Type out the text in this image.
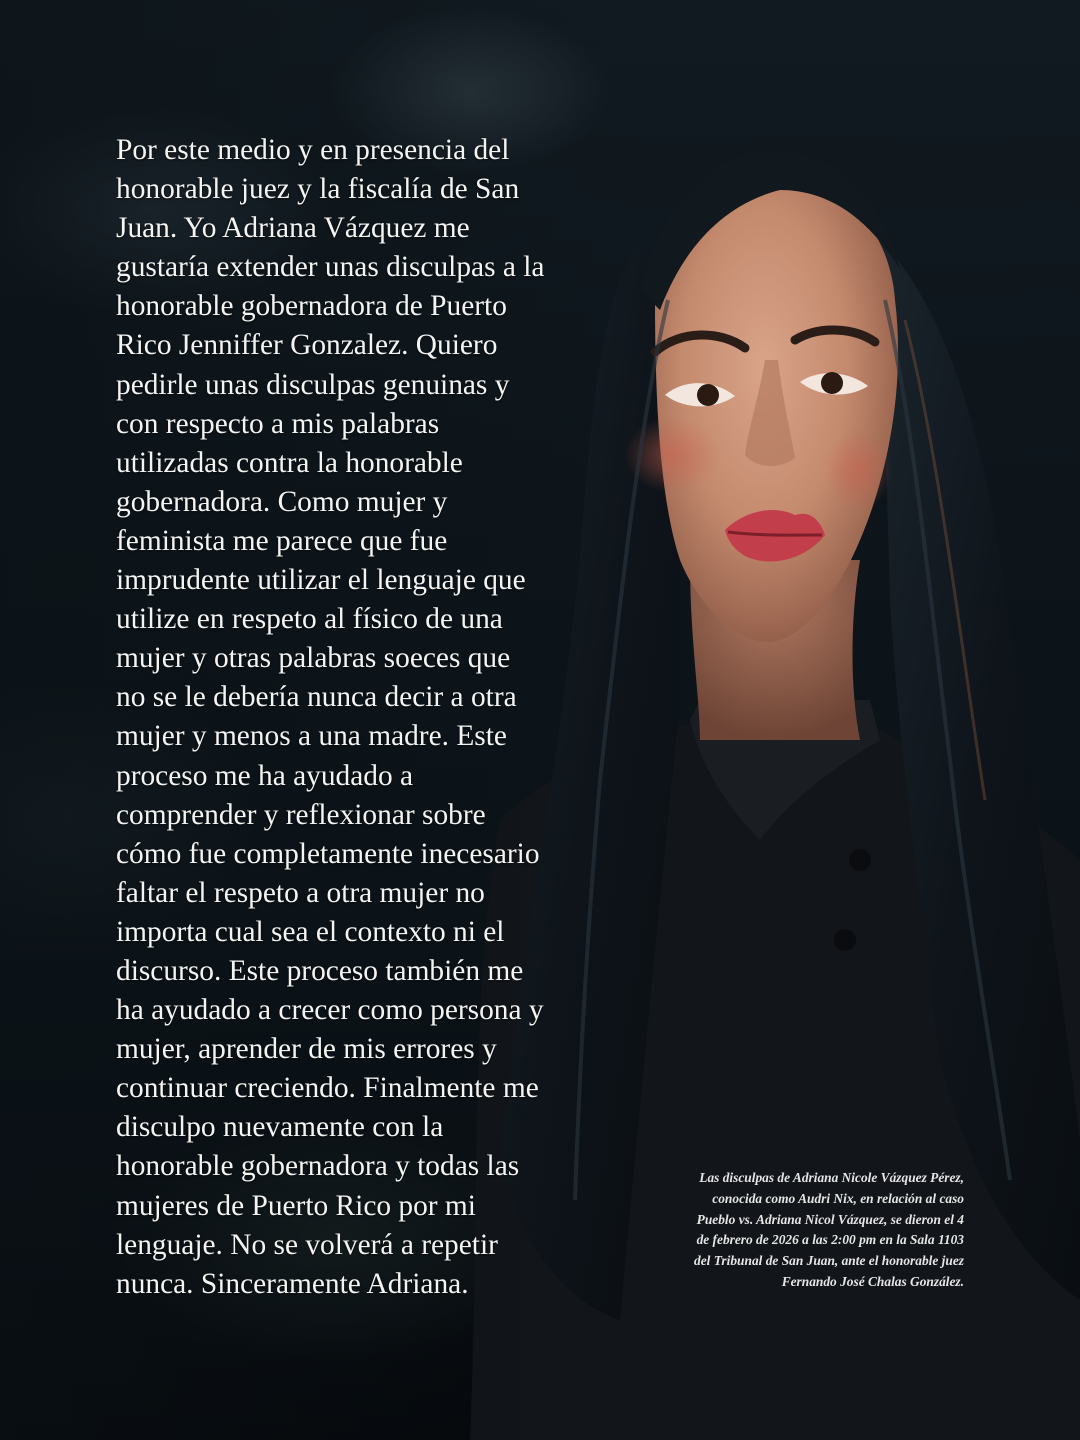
Por este medio y en presencia del
honorable juez y la fiscalía de San
Juan. Yo Adriana Vázquez me
gustaría extender unas disculpas a la
honorable gobernadora de Puerto
Rico Jenniffer Gonzalez. Quiero
pedirle unas disculpas genuinas y
con respecto a mis palabras
utilizadas contra la honorable
gobernadora. Como mujer y
feminista me parece que fue
imprudente utilizar el lenguaje que
utilize en respeto al físico de una
mujer y otras palabras soeces que
no se le debería nunca decir a otra
mujer y menos a una madre. Este
proceso me ha ayudado a
comprender y reflexionar sobre
cómo fue completamente inecesario
faltar el respeto a otra mujer no
importa cual sea el contexto ni el
discurso. Este proceso también me
ha ayudado a crecer como persona y
mujer, aprender de mis errores y
continuar creciendo. Finalmente me
disculpo nuevamente con la
honorable gobernadora y todas las
mujeres de Puerto Rico por mi
lenguaje. No se volverá a repetir
nunca. Sinceramente Adriana.
Las disculpas de Adriana Nicole Vázquez Pérez,
conocida como Audri Nix, en relación al caso
Pueblo vs. Adriana Nicol Vázquez, se dieron el 4
de febrero de 2026 a las 2:00 pm en la Sala 1103
del Tribunal de San Juan, ante el honorable juez
Fernando José Chalas González.
